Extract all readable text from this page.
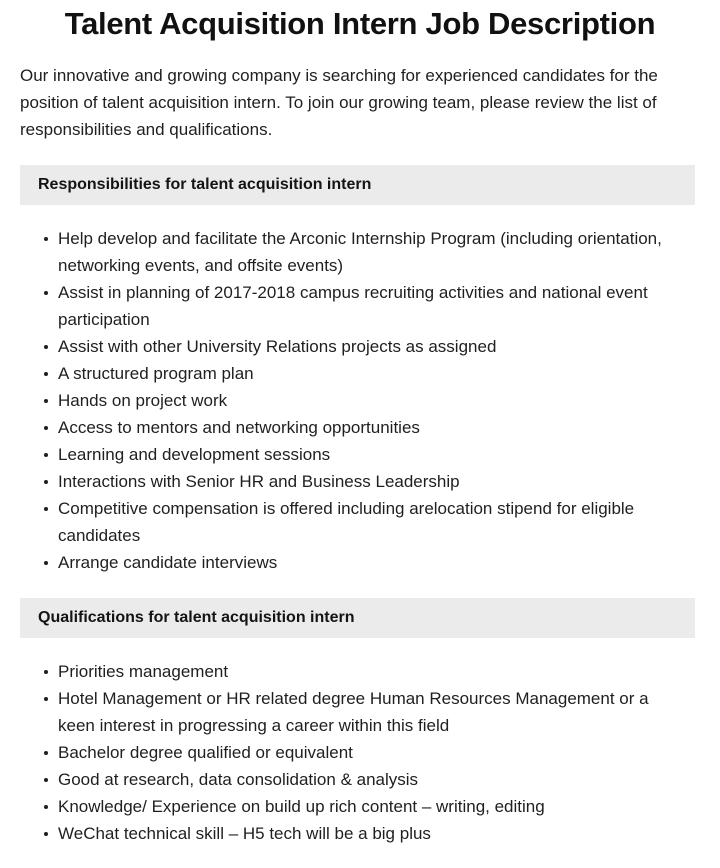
Talent Acquisition Intern Job Description

Our innovative and growing company is searching for experienced candidates for the position of talent acquisition intern. To join our growing team, please review the list of responsibilities and qualifications.

Responsibilities for talent acquisition intern
Help develop and facilitate the Arconic Internship Program (including orientation, networking events, and offsite events)
Assist in planning of 2017-2018 campus recruiting activities and national event participation
Assist with other University Relations projects as assigned
A structured program plan
Hands on project work
Access to mentors and networking opportunities
Learning and development sessions
Interactions with Senior HR and Business Leadership
Competitive compensation is offered including arelocation stipend for eligible candidates
Arrange candidate interviews
Qualifications for talent acquisition intern
Priorities management
Hotel Management or HR related degree Human Resources Management or a keen interest in progressing a career within this field
Bachelor degree qualified or equivalent
Good at research, data consolidation & analysis
Knowledge/ Experience on build up rich content – writing, editing
WeChat technical skill – H5 tech will be a big plus
